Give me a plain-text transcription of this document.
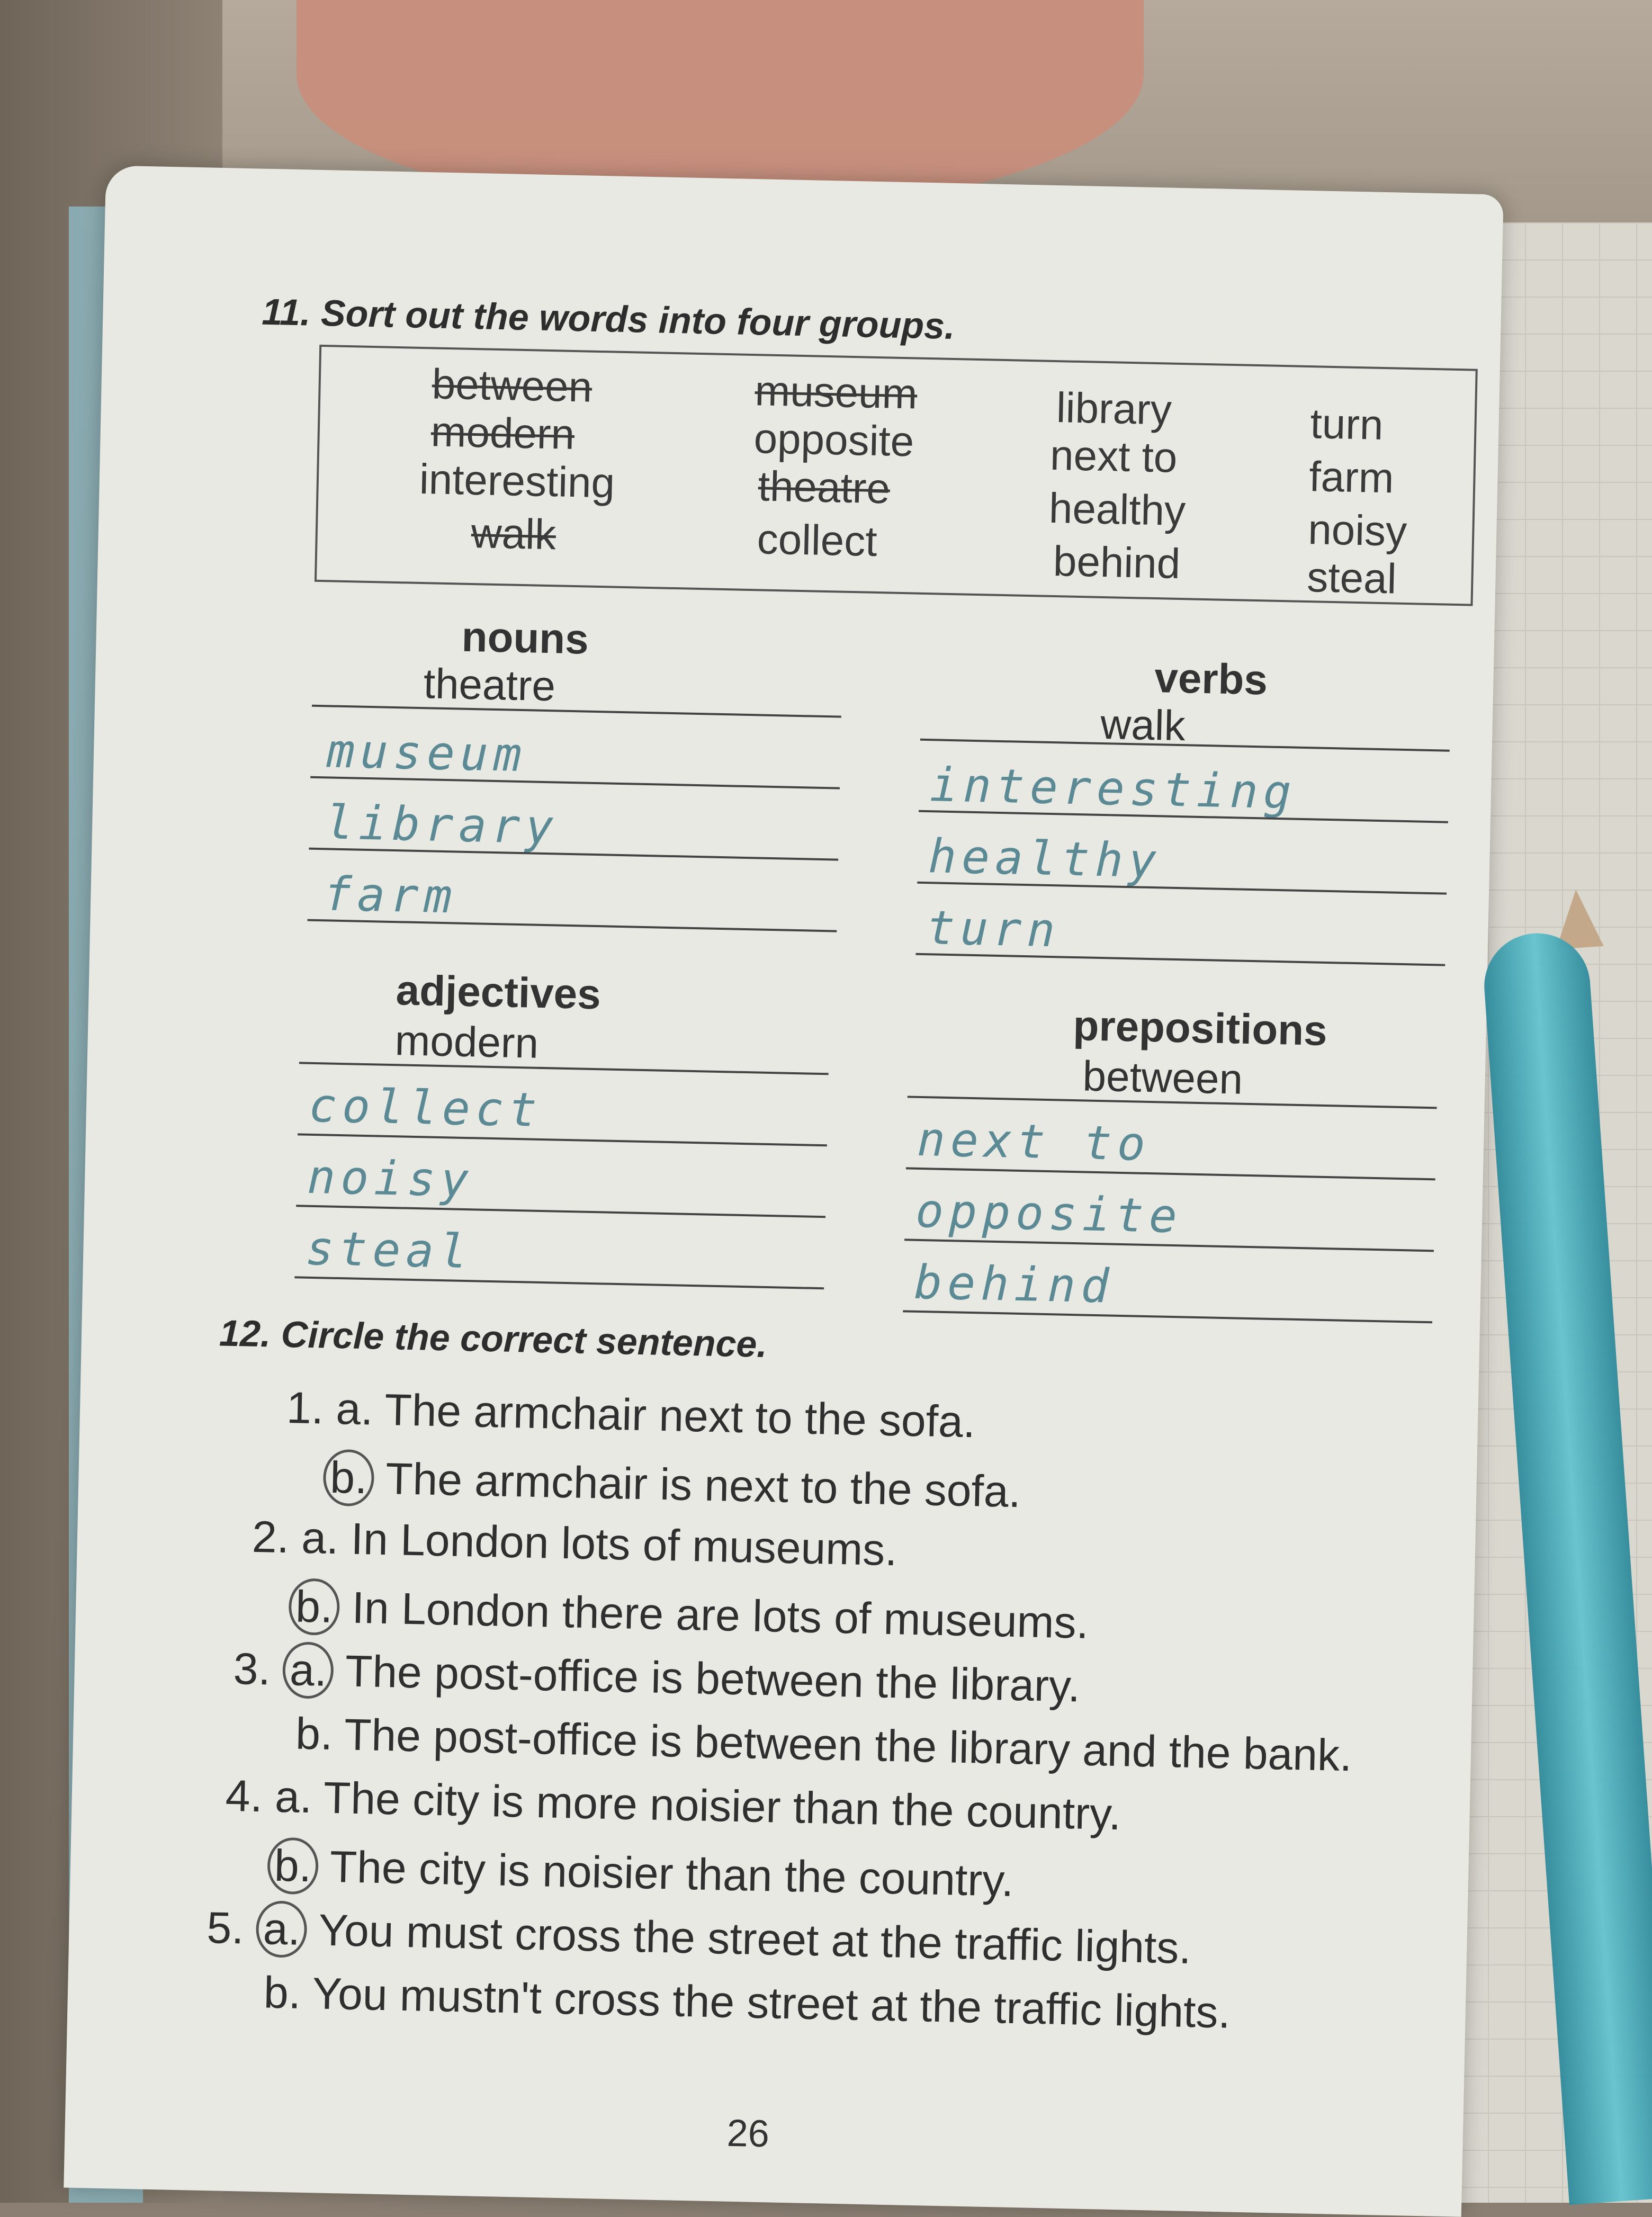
11. Sort out the words into four groups.
between
modern
interesting
walk
museum
opposite
theatre
collect
library
next to
healthy
behind
turn
farm
noisy
steal
nouns
theatre
museum
library
farm
verbs
walk
interesting
healthy
turn
adjectives
modern
collect
noisy
steal
prepositions
between
next to
opposite
behind
12. Circle the correct sentence.
1. a. The armchair next to the sofa.
b. The armchair is next to the sofa.
2. a. In London lots of museums.
b. In London there are lots of museums.
3. a. The post-office is between the library.
b. The post-office is between the library and the bank.
4. a. The city is more noisier than the country.
b. The city is noisier than the country.
5. a. You must cross the street at the traffic lights.
b. You mustn't cross the street at the traffic lights.
26
